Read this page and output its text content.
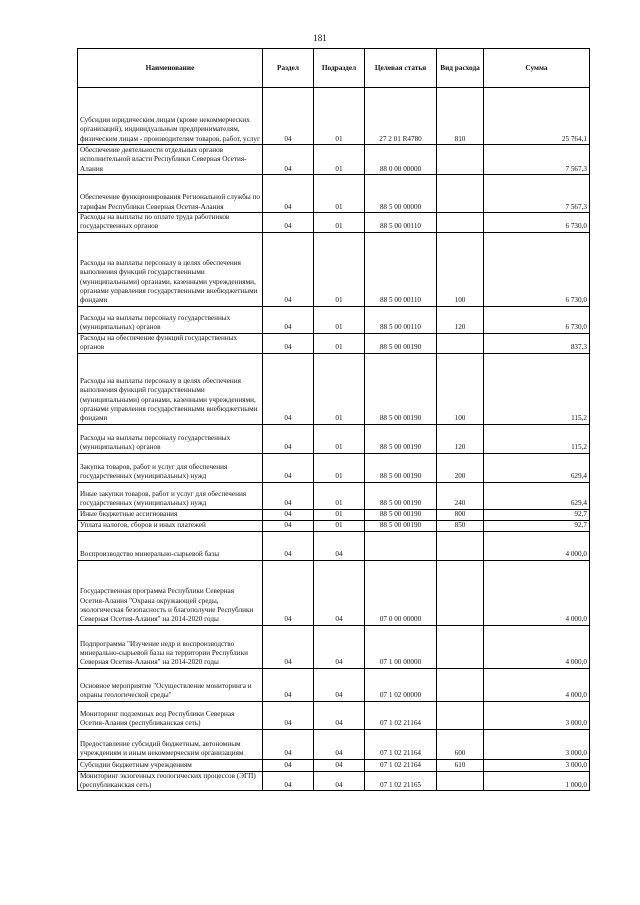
181
Наименование	Раздел	Подраздел	Целевая статья	Вид расхода	Сумма
Субсидии юридическим лицам (кроме некоммерческих организаций), индивидуальным предпринимателям, физическим лицам - производителям товаров, работ, услуг	04	01	27 2 01 R4780	810	25 764,1
Обеспечение деятельности отдельных органов исполнительной власти Республики Северная Осетия-Алания	04	01	88 0 00 00000		7 567,3
Обеспечение функционирования Региональной службы по тарифам Республики Северная Осетия-Алания	04	01	88 5 00 00000		7 567,3
Расходы на выплаты по оплате труда работников государственных органов	04	01	88 5 00 00110		6 730,0
Расходы на выплаты персоналу в целях обеспечения выполнения функций государственными (муниципальными) органами, казенными учреждениями, органами управления государственными внебюджетными фондами	04	01	88 5 00 00110	100	6 730,0
Расходы на выплаты персоналу государственных (муниципальных) органов	04	01	88 5 00 00110	120	6 730,0
Расходы на обеспечение функций государственных органов	04	01	88 5 00 00190		837,3
Расходы на выплаты персоналу в целях обеспечения выполнения функций государственными (муниципальными) органами, казенными учреждениями, органами управления государственными внебюджетными фондами	04	01	88 5 00 00190	100	115,2
Расходы на выплаты персоналу государственных (муниципальных) органов	04	01	88 5 00 00190	120	115,2
Закупка товаров, работ и услуг для обеспечения государственных (муниципальных) нужд	04	01	88 5 00 00190	200	629,4
Иные закупки товаров, работ и услуг для обеспечения государственных (муниципальных) нужд	04	01	88 5 00 00190	240	629,4
Иные бюджетные ассигнования	04	01	88 5 00 00190	800	92,7
Уплата налогов, сборов и иных платежей	04	01	88 5 00 00190	850	92,7
Воспроизводство минерально-сырьевой базы	04	04			4 000,0
Государственная программа Республики Северная Осетия-Алания "Охрана окружающей среды, экологическая безопасность и благополучие Республики Северная Осетия-Алания" на 2014-2020 годы	04	04	07 0 00 00000		4 000,0
Подпрограмма "Изучение недр и воспроизводство минерально-сырьевой базы на территории Республики Северная Осетия-Алания" на 2014-2020 годы	04	04	07 1 00 00000		4 000,0
Основное мероприятие "Осуществление мониторинга и охраны геологической среды"	04	04	07 1 02 00000		4 000,0
Мониторинг подземных вод Республики Северная Осетия-Алания (республиканская сеть)	04	04	07 1 02 21164		3 000,0
Предоставление субсидий бюджетным, автономным учреждениям и иным некоммерческим организациям	04	04	07 1 02 21164	600	3 000,0
Субсидии бюджетным учреждениям	04	04	07 1 02 21164	610	3 000,0
Мониторинг экзогенных геологических процессов (ЭГП) (республиканская сеть)	04	04	07 1 02 21165		1 000,0
